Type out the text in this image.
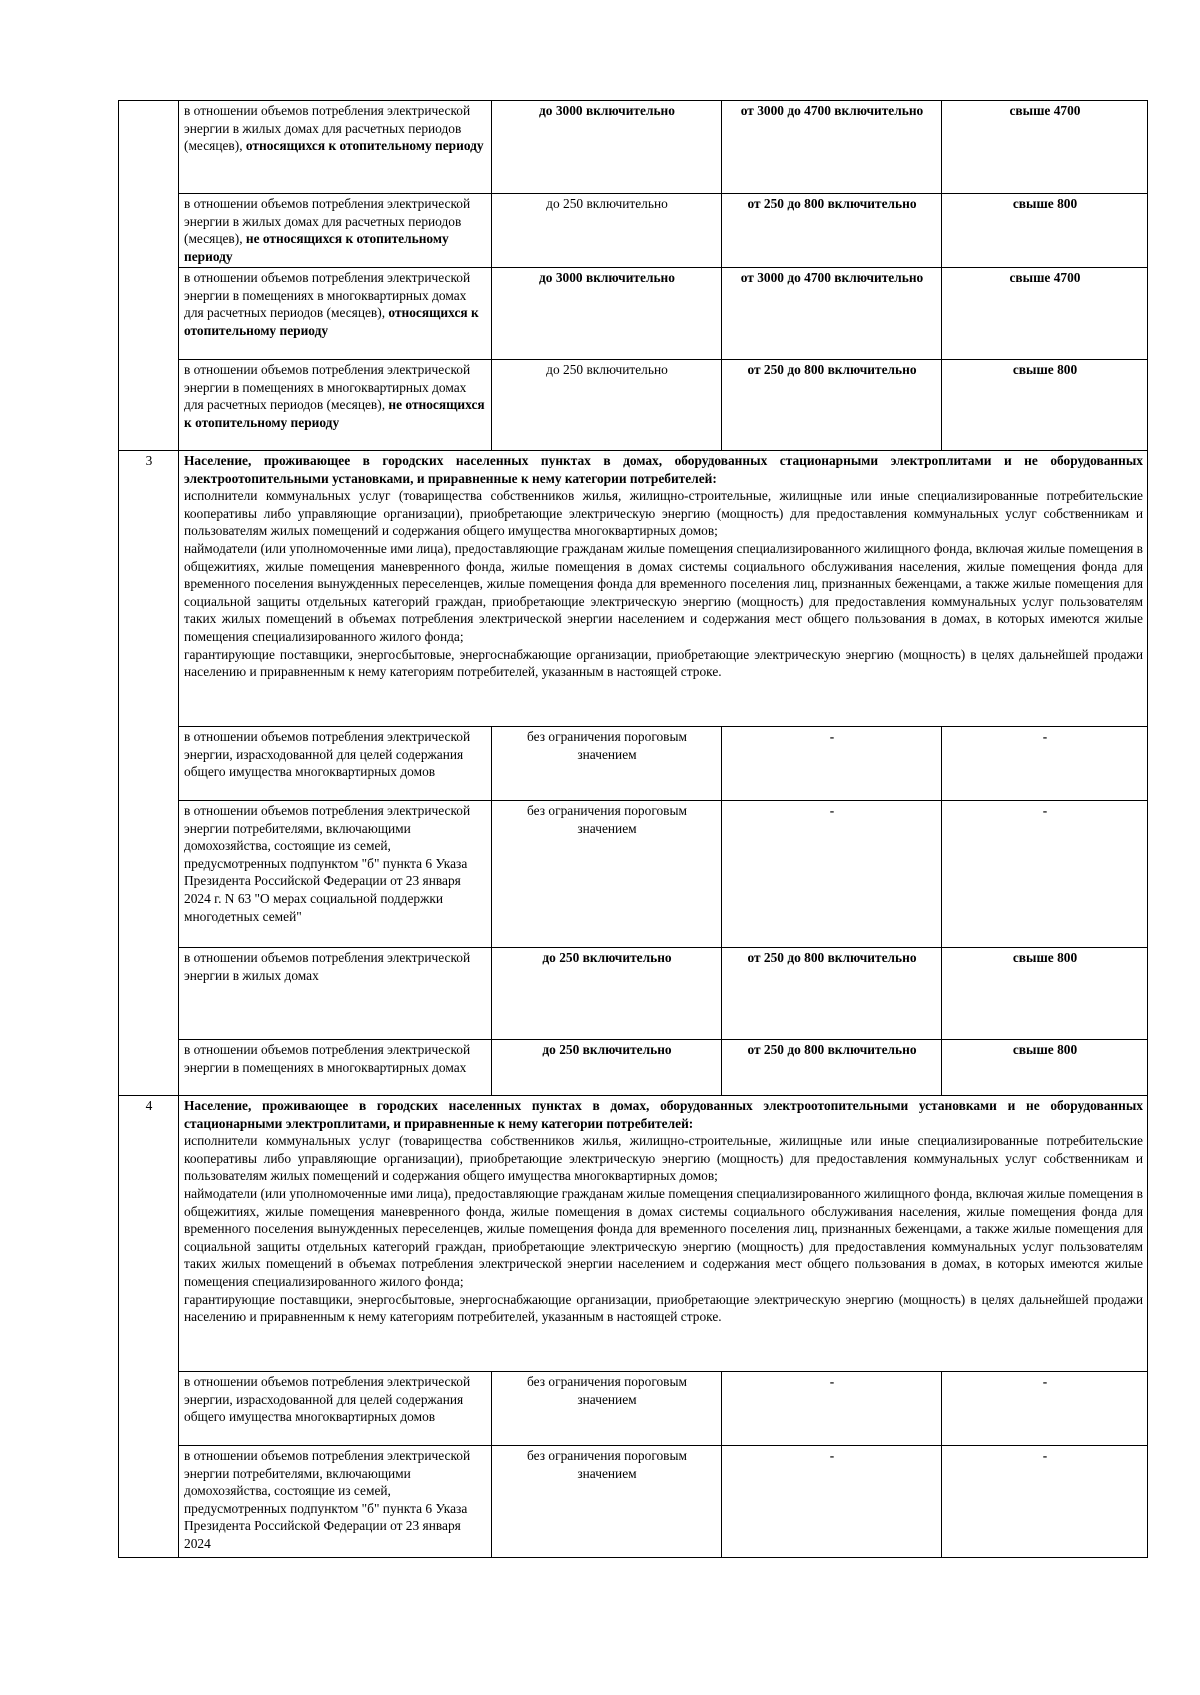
	в отношении объемов потребления электрической энергии в жилых домах для расчетных периодов (месяцев), относящихся к отопительному периоду	до 3000 включительно	от 3000 до 4700 включительно	свыше 4700
	в отношении объемов потребления электрической энергии в жилых домах для расчетных периодов (месяцев), не относящихся к отопительному периоду	до 250 включительно	от 250 до 800 включительно	свыше 800
	в отношении объемов потребления электрической энергии в помещениях в многоквартирных домах для расчетных периодов (месяцев), относящихся к отопительному периоду	до 3000 включительно	от 3000 до 4700 включительно	свыше 4700
	в отношении объемов потребления электрической энергии в помещениях в многоквартирных домах для расчетных периодов (месяцев), не относящихся к отопительному периоду	до 250 включительно	от 250 до 800 включительно	свыше 800
3	Население, проживающее в городских населенных пунктах в домах, оборудованных стационарными электроплитами и не оборудованных электроотопительными установками, и приравненные к нему категории потребителей:

исполнители коммунальных услуг (товарищества собственников жилья, жилищно-строительные, жилищные или иные специализированные потребительские кооперативы либо управляющие организации), приобретающие электрическую энергию (мощность) для предоставления коммунальных услуг собственникам и пользователям жилых помещений и содержания общего имущества многоквартирных домов;

наймодатели (или уполномоченные ими лица), предоставляющие гражданам жилые помещения специализированного жилищного фонда, включая жилые помещения в общежитиях, жилые помещения маневренного фонда, жилые помещения в домах системы социального обслуживания населения, жилые помещения фонда для временного поселения вынужденных переселенцев, жилые помещения фонда для временного поселения лиц, признанных беженцами, а также жилые помещения для социальной защиты отдельных категорий граждан, приобретающие электрическую энергию (мощность) для предоставления коммунальных услуг пользователям таких жилых помещений в объемах потребления электрической энергии населением и содержания мест общего пользования в домах, в которых имеются жилые помещения специализированного жилого фонда;

гарантирующие поставщики, энергосбытовые, энергоснабжающие организации, приобретающие электрическую энергию (мощность) в целях дальнейшей продажи населению и приравненным к нему категориям потребителей, указанным в настоящей строке.			

	в отношении объемов потребления электрической энергии, израсходованной для целей содержания общего имущества многоквартирных домов	без ограничения пороговым значением	-	-
	в отношении объемов потребления электрической энергии потребителями, включающими домохозяйства, состоящие из семей, предусмотренных подпунктом "б" пункта 6 Указа Президента Российской Федерации от 23 января 2024 г. N 63 "О мерах социальной поддержки многодетных семей"	без ограничения пороговым значением	-	-
	в отношении объемов потребления электрической энергии в жилых домах	до 250 включительно	от 250 до 800 включительно	свыше 800
	в отношении объемов потребления электрической энергии в помещениях в многоквартирных домах	до 250 включительно	от 250 до 800 включительно	свыше 800
4	Население, проживающее в городских населенных пунктах в домах, оборудованных электроотопительными установками и не оборудованных стационарными электроплитами, и приравненные к нему категории потребителей:

исполнители коммунальных услуг (товарищества собственников жилья, жилищно-строительные, жилищные или иные специализированные потребительские кооперативы либо управляющие организации), приобретающие электрическую энергию (мощность) для предоставления коммунальных услуг собственникам и пользователям жилых помещений и содержания общего имущества многоквартирных домов;

наймодатели (или уполномоченные ими лица), предоставляющие гражданам жилые помещения специализированного жилищного фонда, включая жилые помещения в общежитиях, жилые помещения маневренного фонда, жилые помещения в домах системы социального обслуживания населения, жилые помещения фонда для временного поселения вынужденных переселенцев, жилые помещения фонда для временного поселения лиц, признанных беженцами, а также жилые помещения для социальной защиты отдельных категорий граждан, приобретающие электрическую энергию (мощность) для предоставления коммунальных услуг пользователям таких жилых помещений в объемах потребления электрической энергии населением и содержания мест общего пользования в домах, в которых имеются жилые помещения специализированного жилого фонда;

гарантирующие поставщики, энергосбытовые, энергоснабжающие организации, приобретающие электрическую энергию (мощность) в целях дальнейшей продажи населению и приравненным к нему категориям потребителей, указанным в настоящей строке.			

	в отношении объемов потребления электрической энергии, израсходованной для целей содержания общего имущества многоквартирных домов	без ограничения пороговым значением	-	-
	в отношении объемов потребления электрической энергии потребителями, включающими домохозяйства, состоящие из семей, предусмотренных подпунктом "б" пункта 6 Указа Президента Российской Федерации от 23 января 2024	без ограничения пороговым значением	-	-
